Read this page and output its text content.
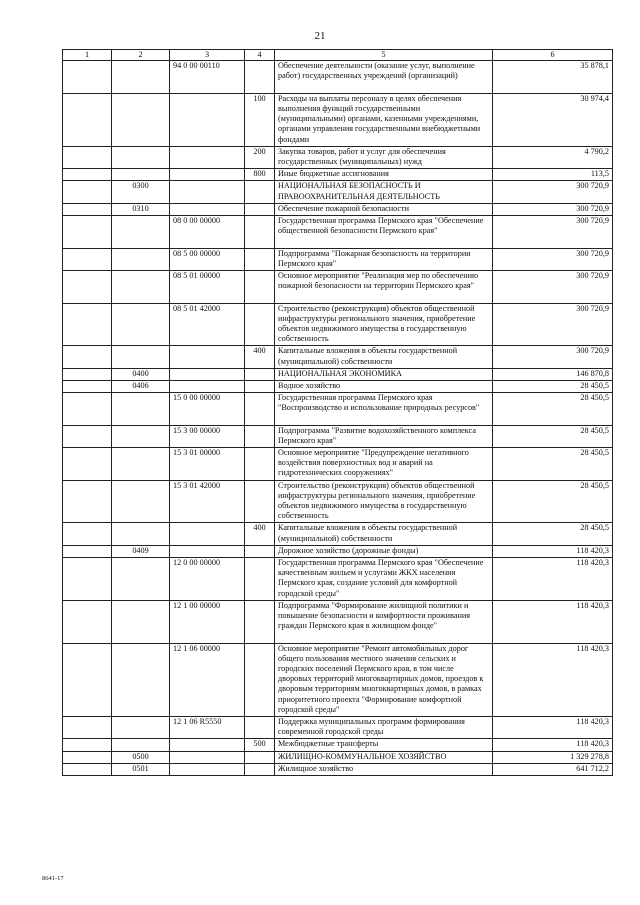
21
1	2	3	4	5	6
		94 0 00 00110		Обеспечение деятельности (оказание услуг, выполнение работ) государственных учреждений (организаций)	35 878,1
			100	Расходы на выплаты персоналу в целях обеспечения выполнения функций государственными (муниципальными) органами, казенными учреждениями, органами управления государственными внебюджетными фондами	30 974,4
			200	Закупка товаров, работ и услуг для обеспечения государственных (муниципальных) нужд	4 790,2
			800	Иные бюджетные ассигнования	113,5
	0300			НАЦИОНАЛЬНАЯ БЕЗОПАСНОСТЬ И ПРАВООХРАНИТЕЛЬНАЯ ДЕЯТЕЛЬНОСТЬ	300 720,9
	0310			Обеспечение пожарной безопасности	300 720,9
		08 0 00 00000		Государственная программа Пермского края "Обеспечение общественной безопасности Пермского края"	300 720,9
		08 5 00 00000		Подпрограмма "Пожарная безопасность на территории Пермского края"	300 720,9
		08 5 01 00000		Основное мероприятие "Реализация мер по обеспечению пожарной безопасности на территории Пермского края"	300 720,9
		08 5 01 42000		Строительство (реконструкция) объектов общественной инфраструктуры регионального значения, приобретение объектов недвижимого имущества в государственную собственность	300 720,9
			400	Капитальные вложения в объекты государственной (муниципальной) собственности	300 720,9
	0400			НАЦИОНАЛЬНАЯ ЭКОНОМИКА	146 870,8
	0406			Водное хозяйство	28 450,5
		15 0 00 00000		Государственная программа Пермского края "Воспроизводство и использование природных ресурсов"	28 450,5
		15 3 00 00000		Подпрограмма "Развитие водохозяйственного комплекса Пермского края"	28 450,5
		15 3 01 00000		Основное мероприятие "Предупреждение негативного воздействия поверхностных вод и аварий на гидротехнических сооружениях"	28 450,5
		15 3 01 42000		Строительство (реконструкция) объектов общественной инфраструктуры регионального значения, приобретение объектов недвижимого имущества в государственную собственность	28 450,5
			400	Капитальные вложения в объекты государственной (муниципальной) собственности	28 450,5
	0409			Дорожное хозяйство (дорожные фонды)	118 420,3
		12 0 00 00000		Государственная программа Пермского края "Обеспечение качественным жильем и услугами ЖКХ населения Пермского края, создание условий для комфортной городской среды"	118 420,3
		12 1 00 00000		Подпрограмма "Формирование жилищной политики и повышение безопасности и комфортности проживания граждан Пермского края в жилищном фонде"	118 420,3
		12 1 06 00000		Основное мероприятие "Ремонт автомобильных дорог общего пользования местного значения сельских и городских поселений Пермского края, в том числе дворовых территорий многоквартирных домов, проездов к дворовым территориям многоквартирных домов, в рамках приоритетного проекта "Формирование комфортной городской среды"	118 420,3
		12 1 06 R5550		Поддержка муниципальных программ формирования современной городской среды	118 420,3
			500	Межбюджетные трансферты	118 420,3
	0500			ЖИЛИЩНО-КОММУНАЛЬНОЕ ХОЗЯЙСТВО	1 329 278,8
	0501			Жилищное хозяйство	641 712,2
8641-17
